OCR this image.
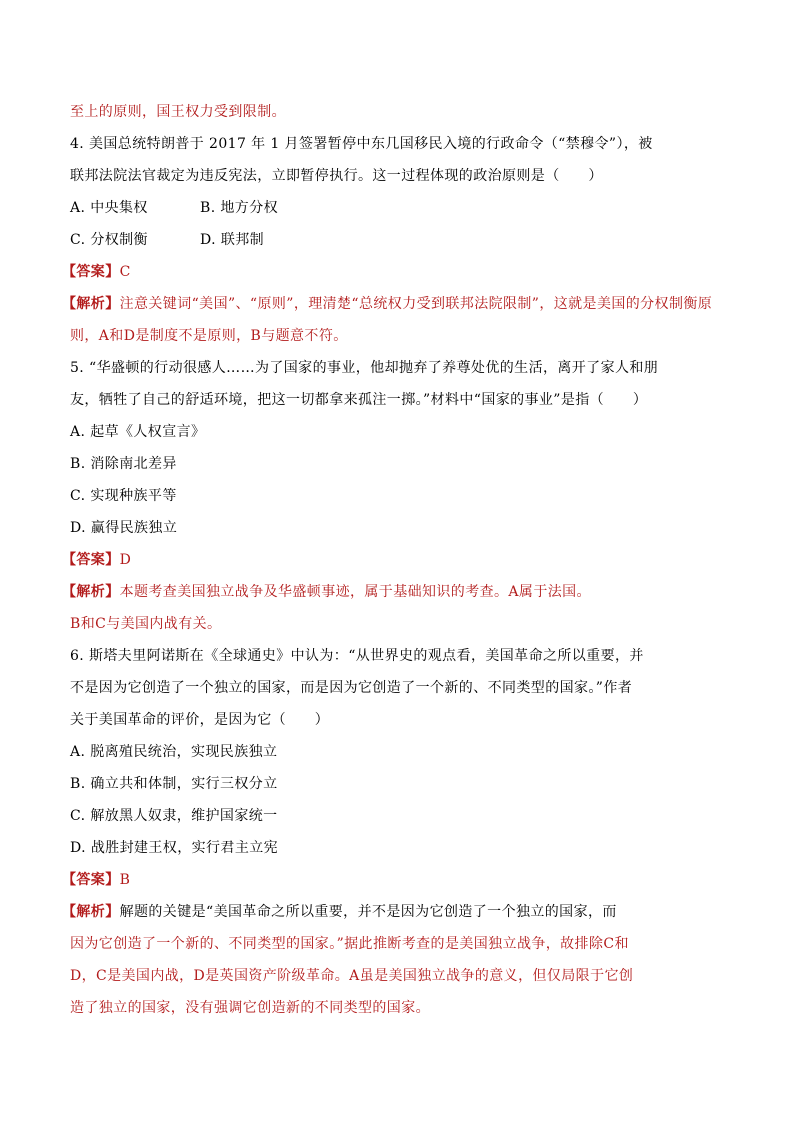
至上的原则，国王权力受到限制。
4. 美国总统特朗普于 2017 年 1 月签署暂停中东几国移民入境的行政命令（“禁穆令”），被
联邦法院法官裁定为违反宪法，立即暂停执行。这一过程体现的政治原则是（　　）
A. 中央集权	B. 地方分权
C. 分权制衡	D. 联邦制
【答案】C
【解析】注意关键词“美国”、“原则”，理清楚“总统权力受到联邦法院限制”，这就是美国的分权制衡原
则，A和D是制度不是原则，B与题意不符。
5. “华盛顿的行动很感人……为了国家的事业，他却抛弃了养尊处优的生活，离开了家人和朋
友，牺牲了自己的舒适环境，把这一切都拿来孤注一掷。”材料中“国家的事业”是指（　　）
A. 起草《人权宣言》
B. 消除南北差异
C. 实现种族平等
D. 赢得民族独立
【答案】D
【解析】本题考查美国独立战争及华盛顿事迹，属于基础知识的考查。A属于法国。
B和C与美国内战有关。
6. 斯塔夫里阿诺斯在《全球通史》中认为：“从世界史的观点看，美国革命之所以重要，并
不是因为它创造了一个独立的国家，而是因为它创造了一个新的、不同类型的国家。”作者
关于美国革命的评价，是因为它（　　）
A. 脱离殖民统治，实现民族独立
B. 确立共和体制，实行三权分立
C. 解放黑人奴隶，维护国家统一
D. 战胜封建王权，实行君主立宪
【答案】B
【解析】解题的关键是“美国革命之所以重要，并不是因为它创造了一个独立的国家，而
因为它创造了一个新的、不同类型的国家。”据此推断考查的是美国独立战争，故排除C和
D，C是美国内战，D是英国资产阶级革命。A虽是美国独立战争的意义，但仅局限于它创
造了独立的国家，没有强调它创造新的不同类型的国家。
